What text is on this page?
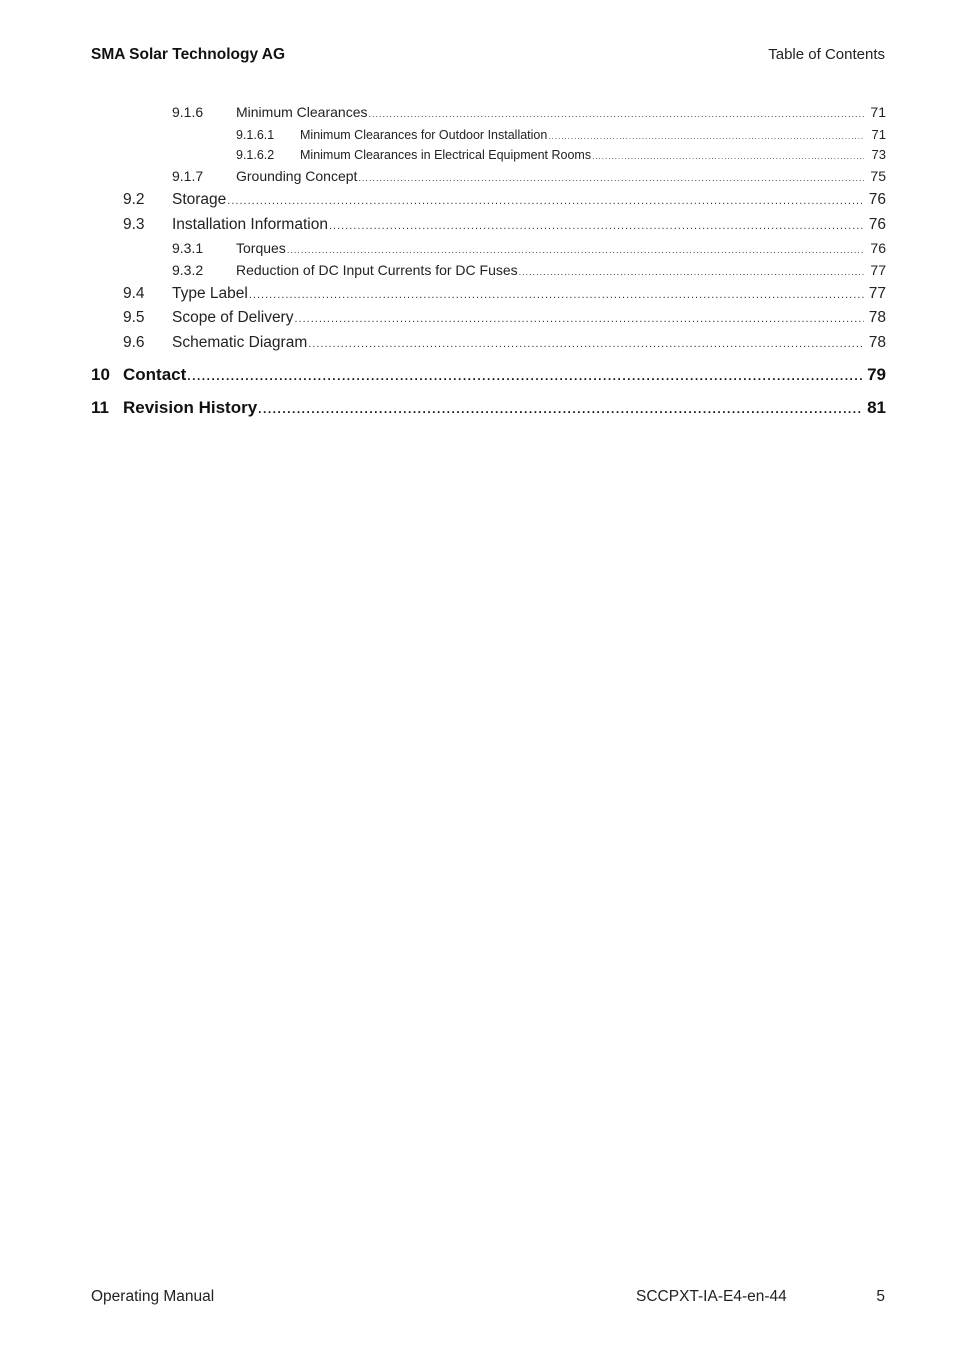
SMA Solar Technology AG	Table of Contents
9.1.6	Minimum Clearances .....	71
9.1.6.1	Minimum Clearances for Outdoor Installation .....	71
9.1.6.2	Minimum Clearances in Electrical Equipment Rooms .....	73
9.1.7	Grounding Concept .....	75
9.2	Storage .....	76
9.3	Installation Information .....	76
9.3.1	Torques .....	76
9.3.2	Reduction of DC Input Currents for DC Fuses .....	77
9.4	Type Label .....	77
9.5	Scope of Delivery .....	78
9.6	Schematic Diagram .....	78
10 Contact .....	79
11 Revision History .....	81
Operating Manual	SCCPXT-IA-E4-en-44	5
